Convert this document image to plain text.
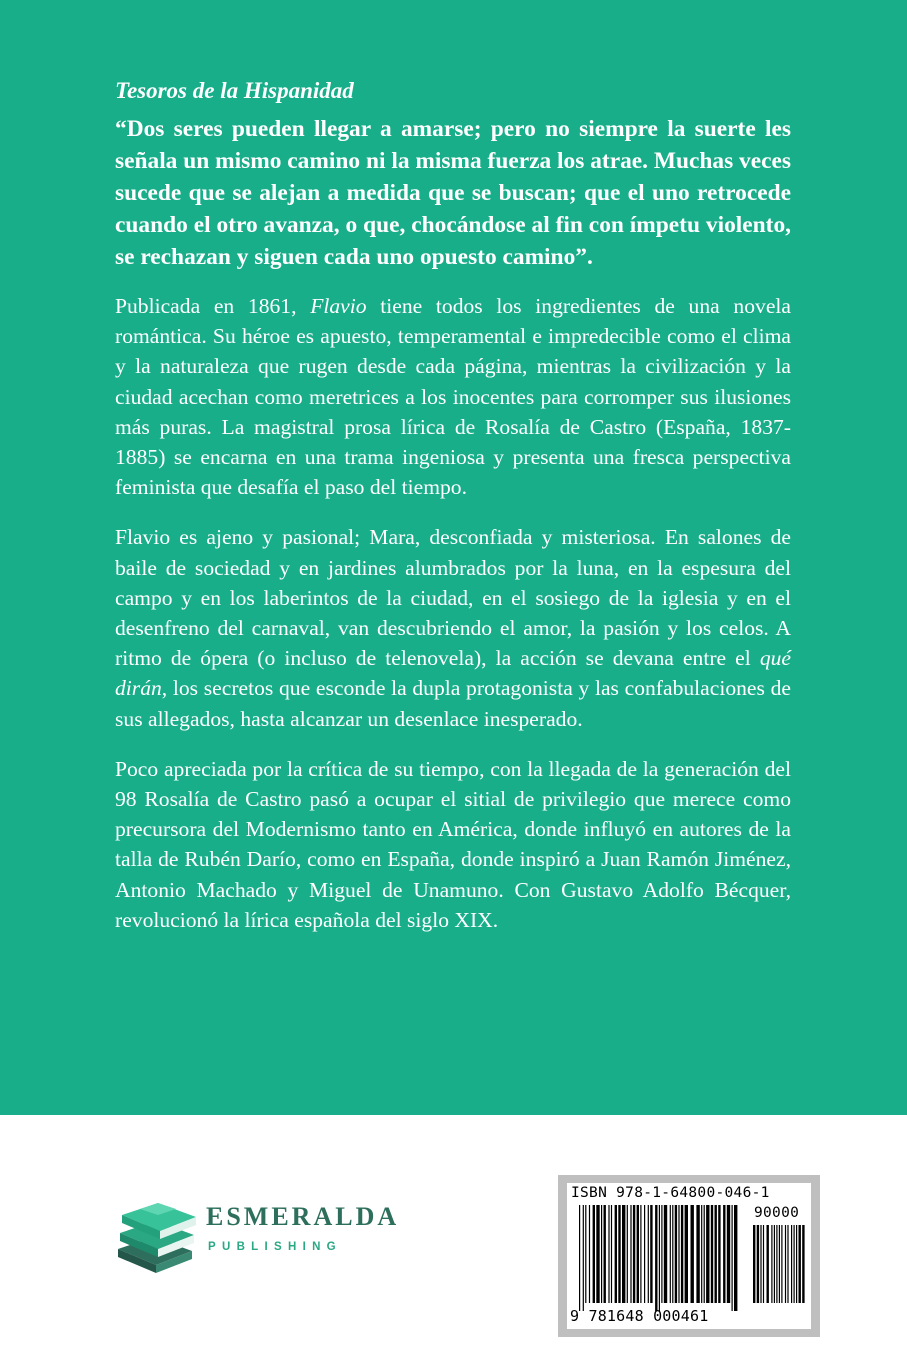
Tesoros de la Hispanidad
“Dos seres pueden llegar a amarse; pero no siempre la suerte les señala un mismo camino ni la misma fuerza los atrae. Muchas veces sucede que se alejan a medida que se buscan; que el uno retrocede cuando el otro avanza, o que, chocándose al fin con ímpetu violento, se rechazan y siguen cada uno opuesto camino”.

Publicada en 1861, Flavio tiene todos los ingredientes de una novela romántica. Su héroe es apuesto, temperamental e impredecible como el clima y la naturaleza que rugen desde cada página, mientras la civilización y la ciudad acechan como meretrices a los inocentes para corromper sus ilusiones más puras. La magistral prosa lírica de Rosalía de Castro (España, 1837-1885) se encarna en una trama ingeniosa y presenta una fresca perspectiva feminista que desafía el paso del tiempo.

Flavio es ajeno y pasional; Mara, desconfiada y misteriosa. En salones de baile de sociedad y en jardines alumbrados por la luna, en la espesura del campo y en los laberintos de la ciudad, en el sosiego de la iglesia y en el desenfreno del carnaval, van descubriendo el amor, la pasión y los celos. A ritmo de ópera (o incluso de telenovela), la acción se devana entre el qué dirán, los secretos que esconde la dupla protagonista y las confabulaciones de sus allegados, hasta alcanzar un desenlace inesperado.

Poco apreciada por la crítica de su tiempo, con la llegada de la generación del 98 Rosalía de Castro pasó a ocupar el sitial de privilegio que merece como precursora del Modernismo tanto en América, donde influyó en autores de la talla de Rubén Darío, como en España, donde inspiró a Juan Ramón Jiménez, Antonio Machado y Miguel de Unamuno. Con Gustavo Adolfo Bécquer, revolucionó la lírica española del siglo XIX.

ESMERALDA
PUBLISHING
ISBN 978-1-64800-046-1
90000
9 781648 000461
